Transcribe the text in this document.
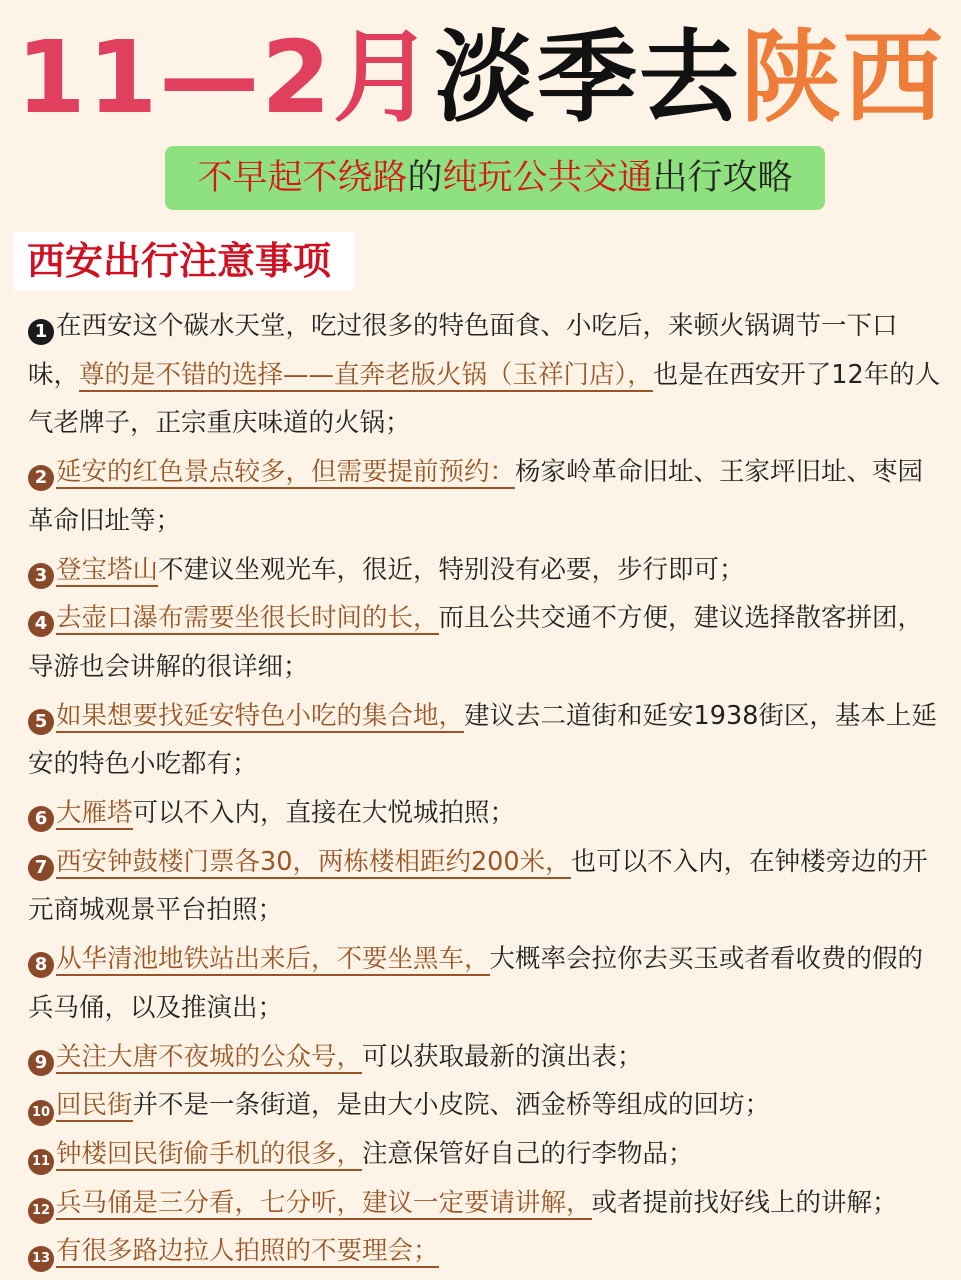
11—2月淡季去陕西
不早起不绕路的纯玩公共交通出行攻略
西安出行注意事项

1 在西安这个碳水天堂，吃过很多的特色面食、小吃后，来顿火锅调节一下口味，尊的是不错的选择——直奔老版火锅（玉祥门店），也是在西安开了12年的人气老牌子，正宗重庆味道的火锅；

2 延安的红色景点较多，但需要提前预约：杨家岭革命旧址、王家坪旧址、枣园革命旧址等；

3 登宝塔山不建议坐观光车，很近，特别没有必要，步行即可；

4 去壶口瀑布需要坐很长时间的长，而且公共交通不方便，建议选择散客拼团，导游也会讲解的很详细；

5 如果想要找延安特色小吃的集合地，建议去二道街和延安1938街区，基本上延安的特色小吃都有；

6 大雁塔可以不入内，直接在大悦城拍照；

7 西安钟鼓楼门票各30，两栋楼相距约200米，也可以不入内，在钟楼旁边的开元商城观景平台拍照；

8 从华清池地铁站出来后，不要坐黑车，大概率会拉你去买玉或者看收费的假的兵马俑，以及推演出；

9 关注大唐不夜城的公众号，可以获取最新的演出表；

10 回民街并不是一条街道，是由大小皮院、洒金桥等组成的回坊；

11 钟楼回民街偷手机的很多，注意保管好自己的行李物品；

12 兵马俑是三分看，七分听，建议一定要请讲解，或者提前找好线上的讲解；

13 有很多路边拉人拍照的不要理会；
